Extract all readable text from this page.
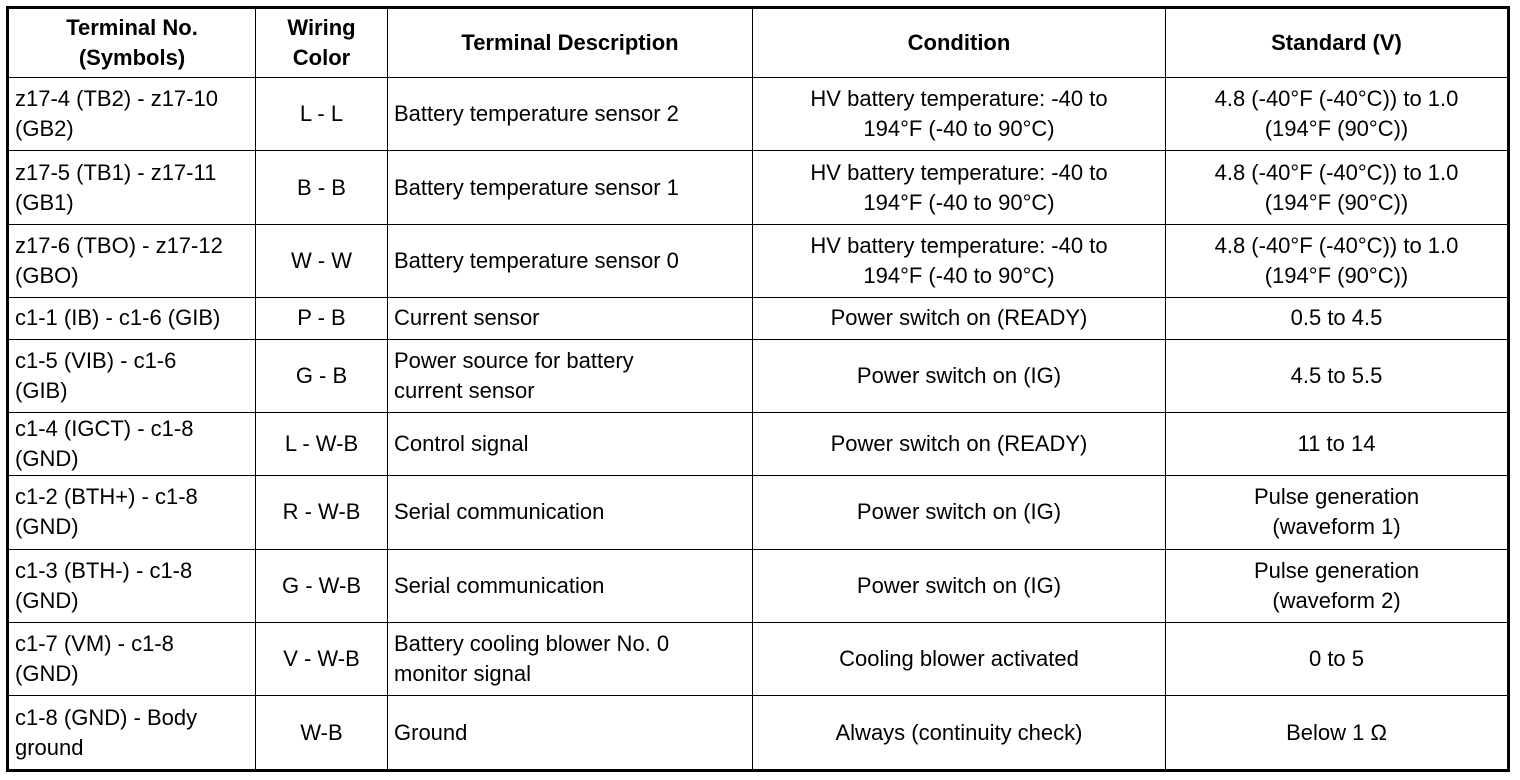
Terminal No.
(Symbols)	Wiring
Color	Terminal Description	Condition	Standard (V)

z17-4 (TB2) - z17-10
(GB2)	L - L	Battery temperature sensor 2	HV battery temperature: -40 to
194°F (-40 to 90°C)	4.8 (-40°F (-40°C)) to 1.0
(194°F (90°C))

z17-5 (TB1) - z17-11
(GB1)	B - B	Battery temperature sensor 1	HV battery temperature: -40 to
194°F (-40 to 90°C)	4.8 (-40°F (-40°C)) to 1.0
(194°F (90°C))

z17-6 (TBO) - z17-12
(GBO)	W - W	Battery temperature sensor 0	HV battery temperature: -40 to
194°F (-40 to 90°C)	4.8 (-40°F (-40°C)) to 1.0
(194°F (90°C))

c1-1 (IB) - c1-6 (GIB)	P - B	Current sensor	Power switch on (READY)	0.5 to 4.5

c1-5 (VIB) - c1-6
(GIB)	G - B	Power source for battery
current sensor	Power switch on (IG)	4.5 to 5.5

c1-4 (IGCT) - c1-8
(GND)	L - W-B	Control signal	Power switch on (READY)	11 to 14

c1-2 (BTH+) - c1-8
(GND)	R - W-B	Serial communication	Power switch on (IG)	Pulse generation
(waveform 1)

c1-3 (BTH-) - c1-8
(GND)	G - W-B	Serial communication	Power switch on (IG)	Pulse generation
(waveform 2)

c1-7 (VM) - c1-8
(GND)	V - W-B	Battery cooling blower No. 0
monitor signal	Cooling blower activated	0 to 5

c1-8 (GND) - Body
ground	W-B	Ground	Always (continuity check)	Below 1 Ω
